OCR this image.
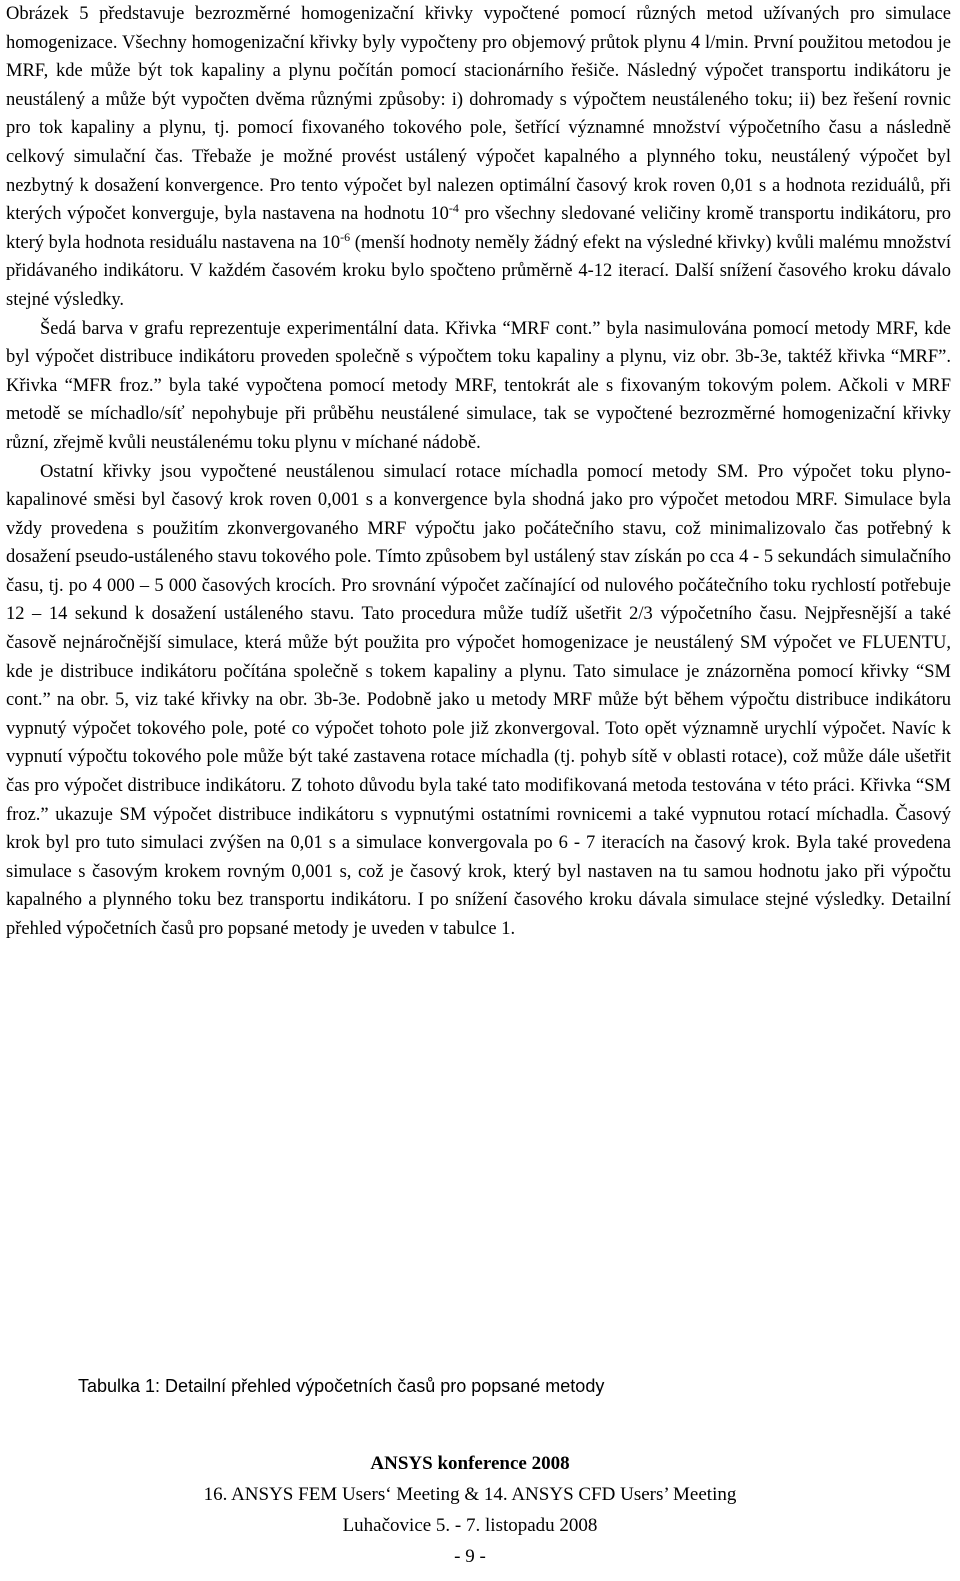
Obrázek 5 představuje bezrozměrné homogenizační křivky vypočtené pomocí různých metod užívaných pro simulace homogenizace. Všechny homogenizační křivky byly vypočteny pro objemový průtok plynu 4 l/min. První použitou metodou je MRF, kde může být tok kapaliny a plynu počítán pomocí stacionárního řešiče. Následný výpočet transportu indikátoru je neustálený a může být vypočten dvěma různými způsoby: i) dohromady s výpočtem neustáleného toku; ii) bez řešení rovnic pro tok kapaliny a plynu, tj. pomocí fixovaného tokového pole, šetřící významné množství výpočetního času a následně celkový simulační čas. Třebaže je možné provést ustálený výpočet kapalného a plynného toku, neustálený výpočet byl nezbytný k dosažení konvergence. Pro tento výpočet byl nalezen optimální časový krok roven 0,01 s a hodnota reziduálů, při kterých výpočet konverguje, byla nastavena na hodnotu $10^{-4}$ pro všechny sledované veličiny kromě transportu indikátoru, pro který byla hodnota residuálu nastavena na $10^{-6}$ (menší hodnoty neměly žádný efekt na výsledné křivky) kvůli malému množství přidávaného indikátoru. V každém časovém kroku bylo spočteno průměrně 4-12 iterací. Další snížení časového kroku dávalo stejné výsledky.

Šedá barva v grafu reprezentuje experimentální data. Křivka “MRF cont.” byla nasimulována pomocí metody MRF, kde byl výpočet distribuce indikátoru proveden společně s výpočtem toku kapaliny a plynu, viz obr. 3b-3e, taktéž křivka “MRF”. Křivka “MFR froz.” byla také vypočtena pomocí metody MRF, tentokrát ale s fixovaným tokovým polem. Ačkoli v MRF metodě se míchadlo/síť nepohybuje při průběhu neustálené simulace, tak se vypočtené bezrozměrné homogenizační křivky různí, zřejmě kvůli neustálenému toku plynu v míchané nádobě.

Ostatní křivky jsou vypočtené neustálenou simulací rotace míchadla pomocí metody SM. Pro výpočet toku plyno-kapalinové směsi byl časový krok roven 0,001 s a konvergence byla shodná jako pro výpočet metodou MRF. Simulace byla vždy provedena s použitím zkonvergovaného MRF výpočtu jako počátečního stavu, což minimalizovalo čas potřebný k dosažení pseudo-ustáleného stavu tokového pole. Tímto způsobem byl ustálený stav získán po cca 4 - 5 sekundách simulačního času, tj. po 4 000 – 5 000 časových krocích. Pro srovnání výpočet začínající od nulového počátečního toku rychlostí potřebuje 12 – 14 sekund k dosažení ustáleného stavu. Tato procedura může tudíž ušetřit 2/3 výpočetního času. Nejpřesnější a také časově nejnáročnější simulace, která může být použita pro výpočet homogenizace je neustálený SM výpočet ve FLUENTU, kde je distribuce indikátoru počítána společně s tokem kapaliny a plynu. Tato simulace je znázorněna pomocí křivky “SM cont.” na obr. 5, viz také křivky na obr. 3b-3e. Podobně jako u metody MRF může být během výpočtu distribuce indikátoru vypnutý výpočet tokového pole, poté co výpočet tohoto pole již zkonvergoval. Toto opět významně urychlí výpočet. Navíc k vypnutí výpočtu tokového pole může být také zastavena rotace míchadla (tj. pohyb sítě v oblasti rotace), což může dále ušetřit čas pro výpočet distribuce indikátoru. Z tohoto důvodu byla také tato modifikovaná metoda testována v této práci. Křivka “SM froz.” ukazuje SM výpočet distribuce indikátoru s vypnutými ostatními rovnicemi a také vypnutou rotací míchadla. Časový krok byl pro tuto simulaci zvýšen na 0,01 s a simulace konvergovala po 6 - 7 iteracích na časový krok. Byla také provedena simulace s časovým krokem rovným 0,001 s, což je časový krok, který byl nastaven na tu samou hodnotu jako při výpočtu kapalného a plynného toku bez transportu indikátoru. I po snížení časového kroku dávala simulace stejné výsledky. Detailní přehled výpočetních časů pro popsané metody je uveden v tabulce 1.

Tabulka 1: Detailní přehled výpočetních časů pro popsané metody
ANSYS konference 2008
16. ANSYS FEM Users‘ Meeting & 14. ANSYS CFD Users’ Meeting
Luhačovice 5. - 7. listopadu 2008
- 9 -
